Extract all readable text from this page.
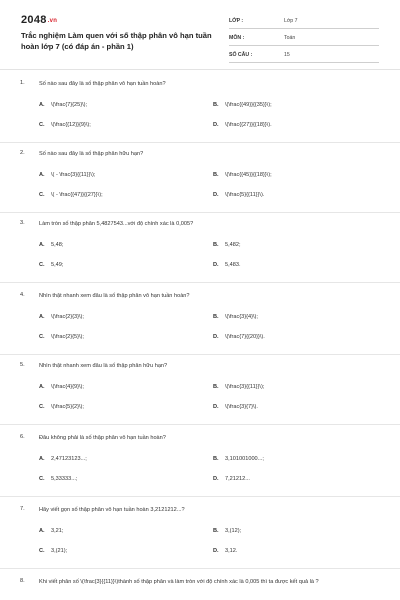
2048.vn
Trắc nghiệm Làm quen với số thập phân vô hạn tuần hoàn lớp 7 (có đáp án - phần 1)
LỚP :	Lớp 7
MÔN :	Toán
SỐ CÂU :	15
1.	Số nào sau đây là số thập phân vô hạn tuần hoàn?
A. \(\frac{7}{25}\);	B. \(\frac{{49}}{{35}}\);
C. \(\frac{{12}}{9}\);	D. \(\frac{{27}}{{18}}\).
2.	Số nào sau đây là số thập phân hữu hạn?
A. \( - \frac{3}{{11}}\);	B. \(\frac{{45}}{{18}}\);
C. \( - \frac{{47}}{{27}}\);	D. \(\frac{5}{{11}}\).
3.	Làm tròn số thập phân 5,4827543...với độ chính xác là 0,005?
A. 5,48;	B. 5,482;
C. 5,49;	D. 5,483.
4.	Nhìn thật nhanh xem đâu là số thập phân vô hạn tuần hoàn?
A. \(\frac{2}{3}\);	B. \(\frac{3}{4}\);
C. \(\frac{2}{5}\);	D. \(\frac{7}{{20}}\).
5.	Nhìn thật nhanh xem đâu là số thập phân hữu hạn?
A. \(\frac{4}{9}\);	B. \(\frac{3}{{11}}\);
C. \(\frac{5}{2}\);	D. \(\frac{3}{7}\).
6.	Đâu không phải là số thập phân vô hạn tuần hoàn?
A. 2,47123123...;	B. 3,101001000...;
C. 5,33333...;	D. 7,21212...
7.	Hãy viết gọn số thập phân vô hạn tuần hoàn 3,2121212...?
A. 3,21;	B. 3,(12);
C. 3,(21);	D. 3,12.
8.	Khi viết phân số \(\frac{3}{{11}}\)thành số thập phân và làm tròn với độ chính xác là 0,005 thì ta được kết quả là ?
